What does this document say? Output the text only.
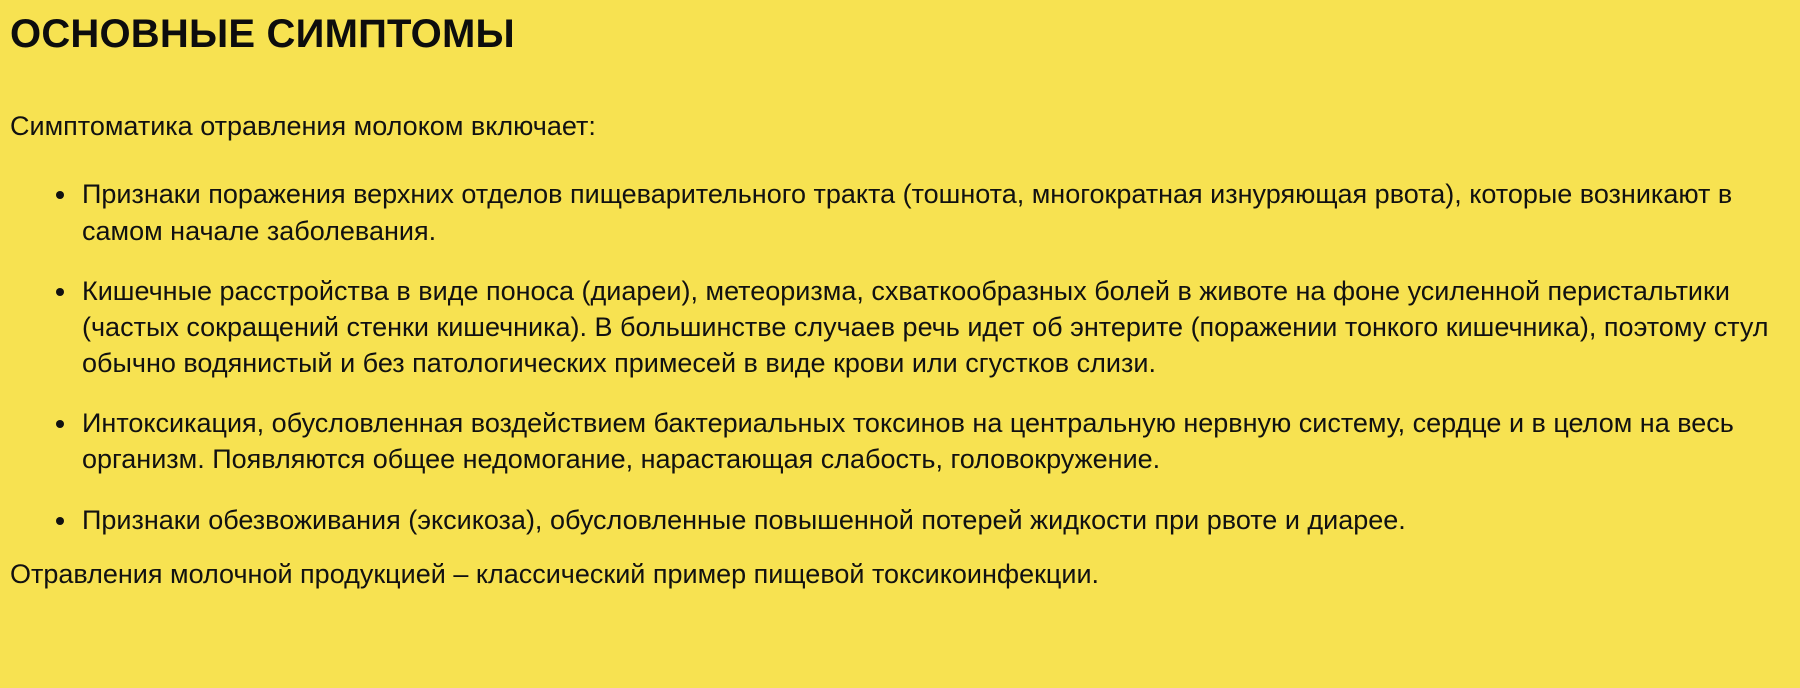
ОСНОВНЫЕ СИМПТОМЫ

Симптоматика отравления молоком включает:

Признаки поражения верхних отделов пищеварительного тракта (тошнота, многократная изнуряющая рвота), которые возникают в самом начале заболевания.
Кишечные расстройства в виде поноса (диареи), метеоризма, схваткообразных болей в животе на фоне усиленной перистальтики (частых сокращений стенки кишечника). В большинстве случаев речь идет об энтерите (поражении тонкого кишечника), поэтому стул обычно водянистый и без патологических примесей в виде крови или сгустков слизи.
Интоксикация, обусловленная воздействием бактериальных токсинов на центральную нервную систему, сердце и в целом на весь организм. Появляются общее недомогание, нарастающая слабость, головокружение.
Признаки обезвоживания (эксикоза), обусловленные повышенной потерей жидкости при рвоте и диарее.

Отравления молочной продукцией – классический пример пищевой токсикоинфекции.
